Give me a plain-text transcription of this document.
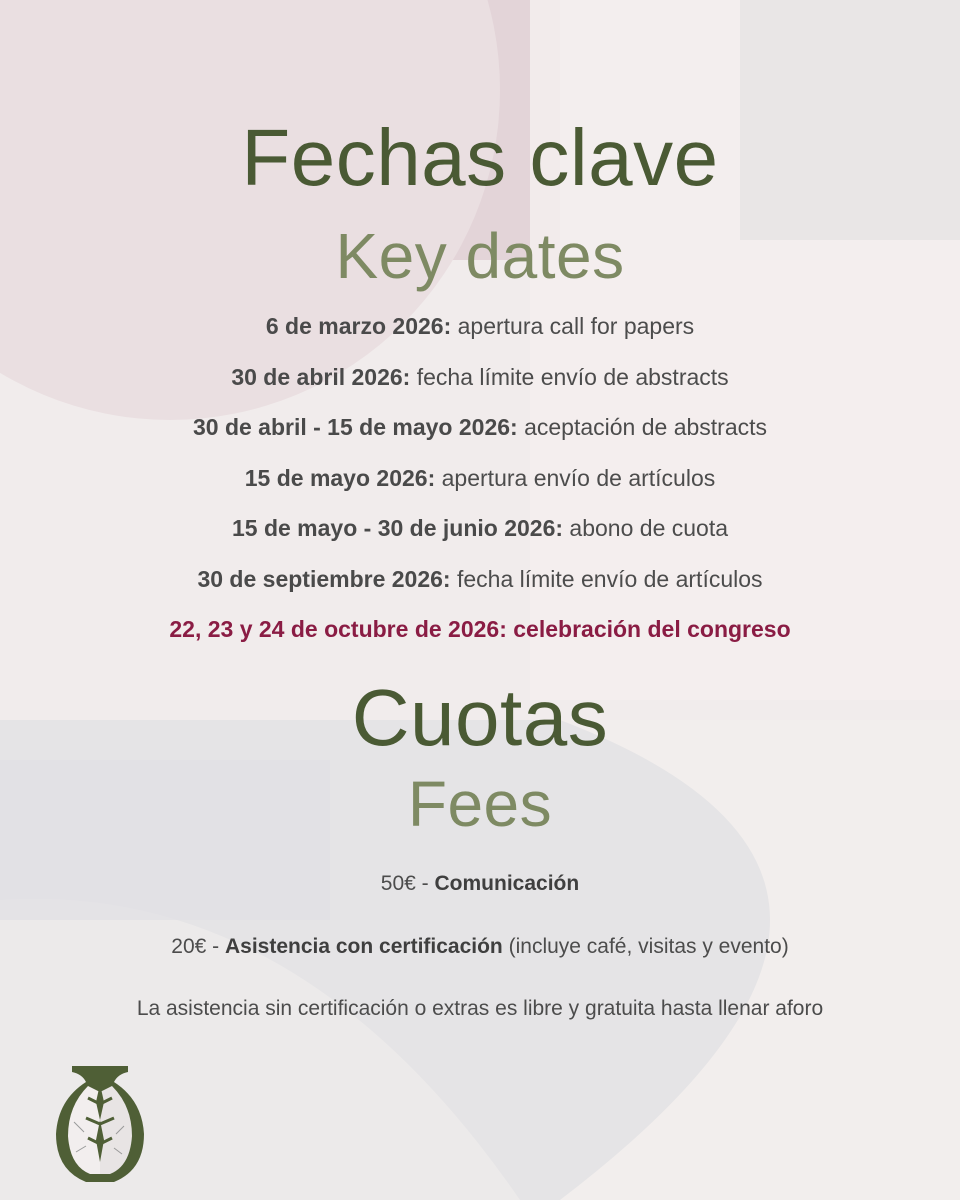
Fechas clave
Key dates
6 de marzo 2026: apertura call for papers
30 de abril 2026: fecha límite envío de abstracts
30 de abril - 15 de mayo 2026: aceptación de abstracts
15 de mayo 2026: apertura envío de artículos
15 de mayo - 30 de junio 2026: abono de cuota
30 de septiembre 2026: fecha límite envío de artículos
22, 23 y 24 de octubre de 2026: celebración del congreso
Cuotas
Fees
50€ - Comunicación
20€ - Asistencia con certificación (incluye café, visitas y evento)
La asistencia sin certificación o extras es libre y gratuita hasta llenar aforo
